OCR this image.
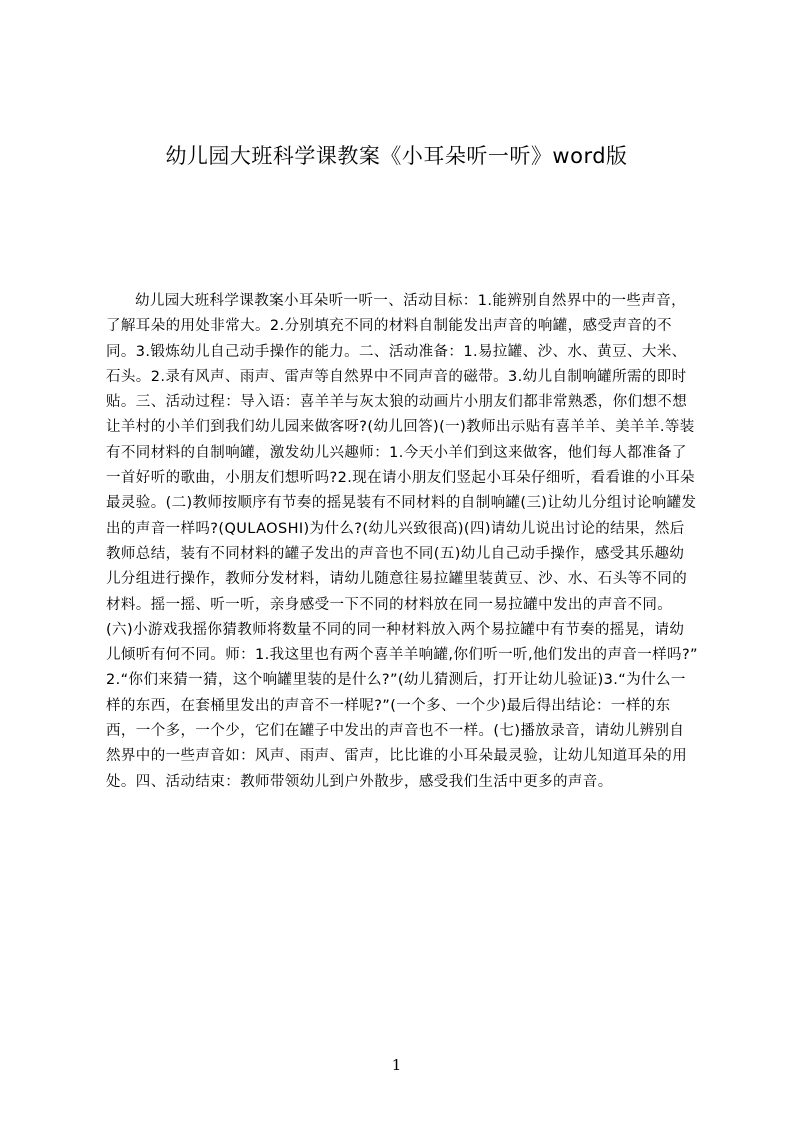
幼儿园大班科学课教案《小耳朵听一听》word版

幼儿园大班科学课教案小耳朵听一听一、活动目标：1.能辨别自然界中的一些声音，了解耳朵的用处非常大。2.分别填充不同的材料自制能发出声音的响罐，感受声音的不同。3.锻炼幼儿自己动手操作的能力。二、活动准备：1.易拉罐、沙、水、黄豆、大米、石头。2.录有风声、雨声、雷声等自然界中不同声音的磁带。3.幼儿自制响罐所需的即时贴。三、活动过程：导入语：喜羊羊与灰太狼的动画片小朋友们都非常熟悉，你们想不想让羊村的小羊们到我们幼儿园来做客呀?(幼儿回答)(一)教师出示贴有喜羊羊、美羊羊.等装有不同材料的自制响罐，激发幼儿兴趣师：1.今天小羊们到这来做客，他们每人都准备了一首好听的歌曲，小朋友们想听吗?2.现在请小朋友们竖起小耳朵仔细听，看看谁的小耳朵最灵验。(二)教师按顺序有节奏的摇晃装有不同材料的自制响罐(三)让幼儿分组讨论响罐发出的声音一样吗?(QULAOSHI)为什么?(幼儿兴致很高)(四)请幼儿说出讨论的结果，然后教师总结，装有不同材料的罐子发出的声音也不同(五)幼儿自己动手操作，感受其乐趣幼儿分组进行操作，教师分发材料，请幼儿随意往易拉罐里装黄豆、沙、水、石头等不同的材料。摇一摇、听一听，亲身感受一下不同的材料放在同一易拉罐中发出的声音不同。(六)小游戏我摇你猜教师将数量不同的同一种材料放入两个易拉罐中有节奏的摇晃，请幼儿倾听有何不同。师：1.我这里也有两个喜羊羊响罐,你们听一听,他们发出的声音一样吗?” 2.“你们来猜一猜，这个响罐里装的是什么?”(幼儿猜测后，打开让幼儿验证)3.“为什么一样的东西，在套桶里发出的声音不一样呢?”(一个多、一个少)最后得出结论：一样的东西，一个多，一个少，它们在罐子中发出的声音也不一样。(七)播放录音，请幼儿辨别自然界中的一些声音如：风声、雨声、雷声，比比谁的小耳朵最灵验，让幼儿知道耳朵的用处。四、活动结束：教师带领幼儿到户外散步，感受我们生活中更多的声音。

1
